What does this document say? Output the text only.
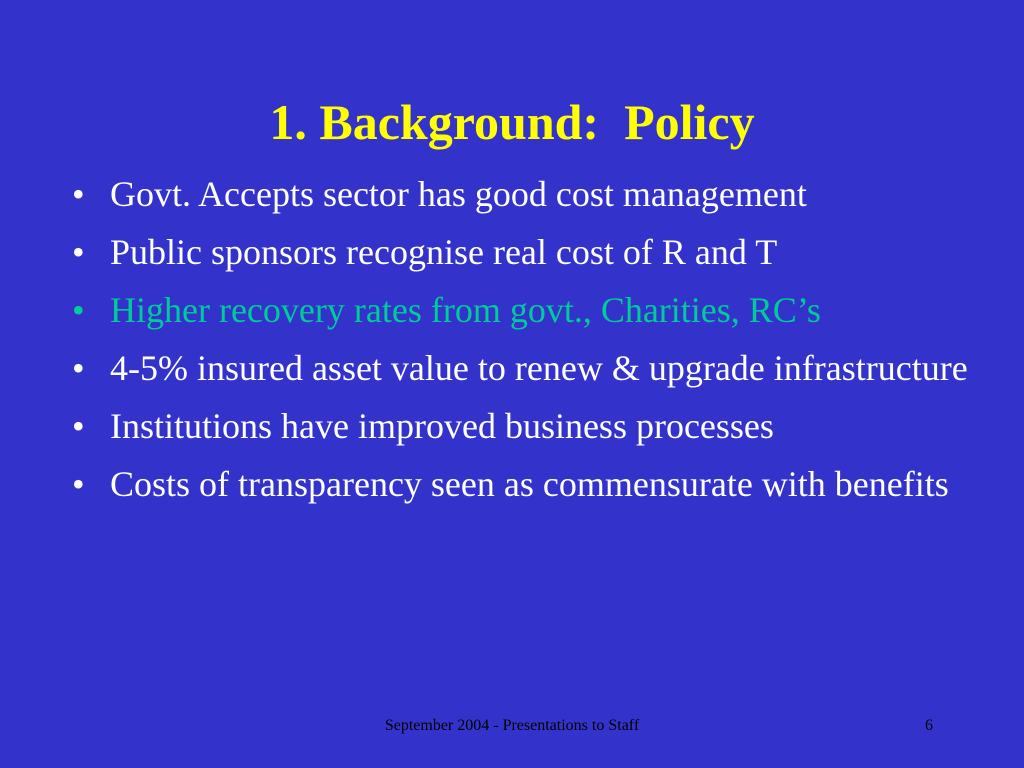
1. Background:  Policy
• Govt. Accepts sector has good cost management
• Public sponsors recognise real cost of R and T
• Higher recovery rates from govt., Charities, RC’s
• 4-5% insured asset value to renew & upgrade infrastructure
• Institutions have improved business processes
• Costs of transparency seen as commensurate with benefits
September 2004 - Presentations to Staff	6
